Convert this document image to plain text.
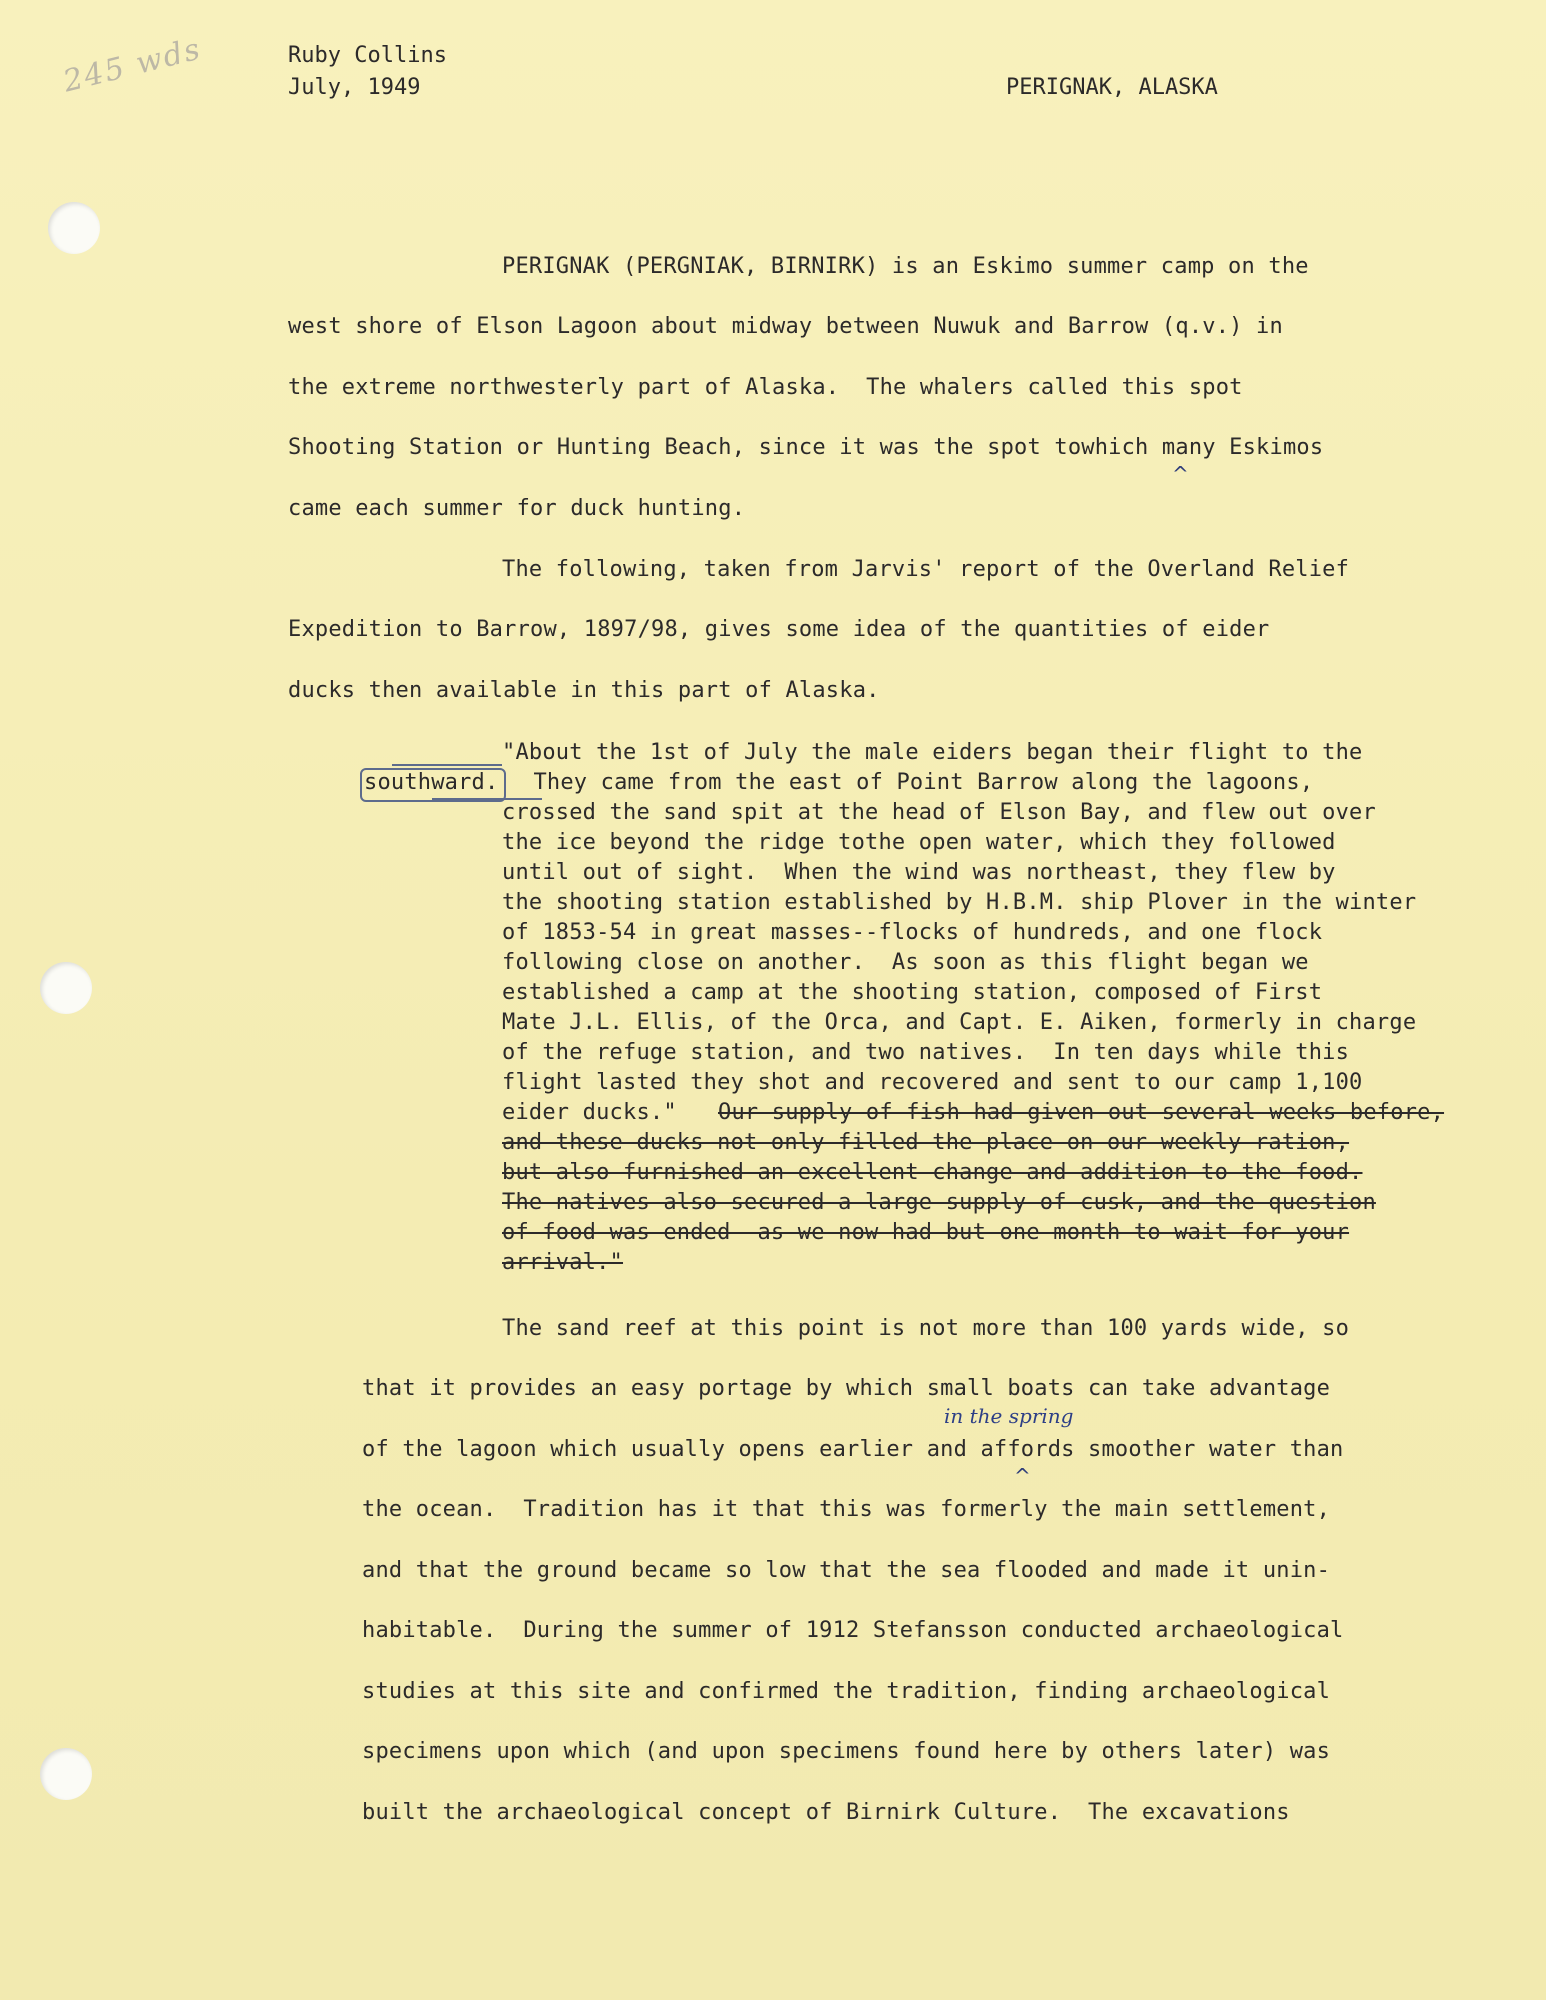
245 wds	Ruby Collins
July, 1949	PERIGNAK, ALASKA
PERIGNAK (PERGNIAK, BIRNIRK) is an Eskimo summer camp on the
west shore of Elson Lagoon about midway between Nuwuk and Barrow (q.v.) in
the extreme northwesterly part of Alaska.  The whalers called this spot
Shooting Station or Hunting Beach, since it was the spot towhich many Eskimos
^
came each summer for duck hunting.
The following, taken from Jarvis' report of the Overland Relief
Expedition to Barrow, 1897/98, gives some idea of the quantities of eider
ducks then available in this part of Alaska.
"About the 1st of July the male eiders began their flight to the
southward. They came from the east of Point Barrow along the lagoons,
crossed the sand spit at the head of Elson Bay, and flew out over
the ice beyond the ridge tothe open water, which they followed
until out of sight.  When the wind was northeast, they flew by
the shooting station established by H.B.M. ship Plover in the winter
of 1853-54 in great masses--flocks of hundreds, and one flock
following close on another.  As soon as this flight began we
established a camp at the shooting station, composed of First
Mate J.L. Ellis, of the Orca, and Capt. E. Aiken, formerly in charge
of the refuge station, and two natives.  In ten days while this
flight lasted they shot and recovered and sent to our camp 1,100
eider ducks." Our supply of fish had given out several weeks before,
and these ducks not only filled the place on our weekly ration,
but also furnished an excellent change and addition to the food.
The natives also secured a large supply of cusk, and the question
of food was ended  as we now had but one month to wait for your
arrival."
The sand reef at this point is not more than 100 yards wide, so
that it provides an easy portage by which small boats can take advantage
in the spring
of the lagoon which usually opens earlier and affords smoother water than
^
the ocean.  Tradition has it that this was formerly the main settlement,
and that the ground became so low that the sea flooded and made it unin-
habitable.  During the summer of 1912 Stefansson conducted archaeological
studies at this site and confirmed the tradition, finding archaeological
specimens upon which (and upon specimens found here by others later) was
built the archaeological concept of Birnirk Culture.  The excavations
